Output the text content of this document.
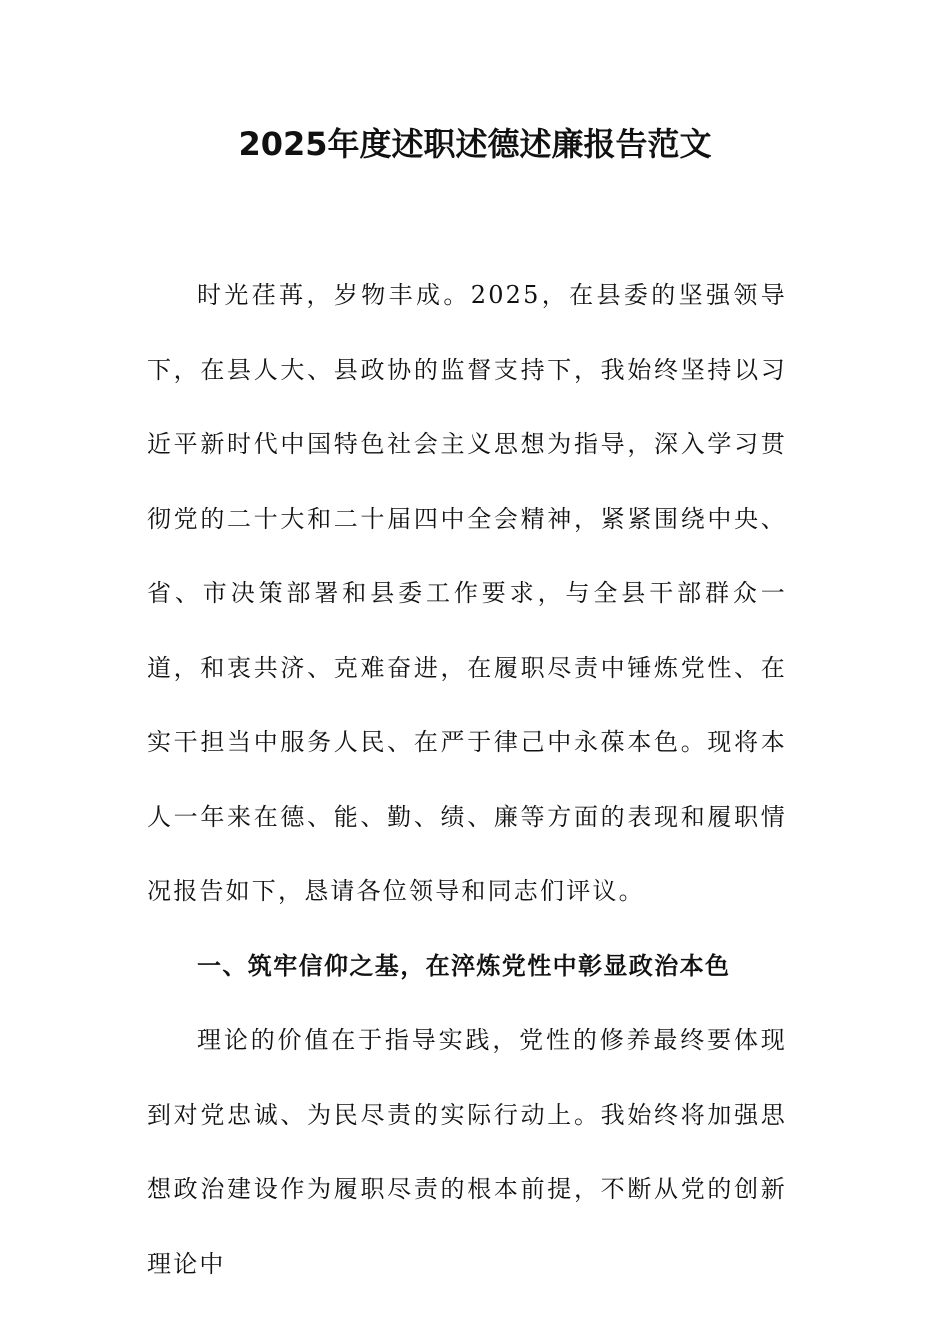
2025年度述职述德述廉报告范文

时光荏苒，岁物丰成。2025，在县委的坚强领导下，在县人大、县政协的监督支持下，我始终坚持以习近平新时代中国特色社会主义思想为指导，深入学习贯彻党的二十大和二十届四中全会精神，紧紧围绕中央、省、市决策部署和县委工作要求，与全县干部群众一道，和衷共济、克难奋进，在履职尽责中锤炼党性、在实干担当中服务人民、在严于律己中永葆本色。现将本人一年来在德、能、勤、绩、廉等方面的表现和履职情况报告如下，恳请各位领导和同志们评议。

一、筑牢信仰之基，在淬炼党性中彰显政治本色

理论的价值在于指导实践，党性的修养最终要体现到对党忠诚、为民尽责的实际行动上。我始终将加强思想政治建设作为履职尽责的根本前提，不断从党的创新理论中
